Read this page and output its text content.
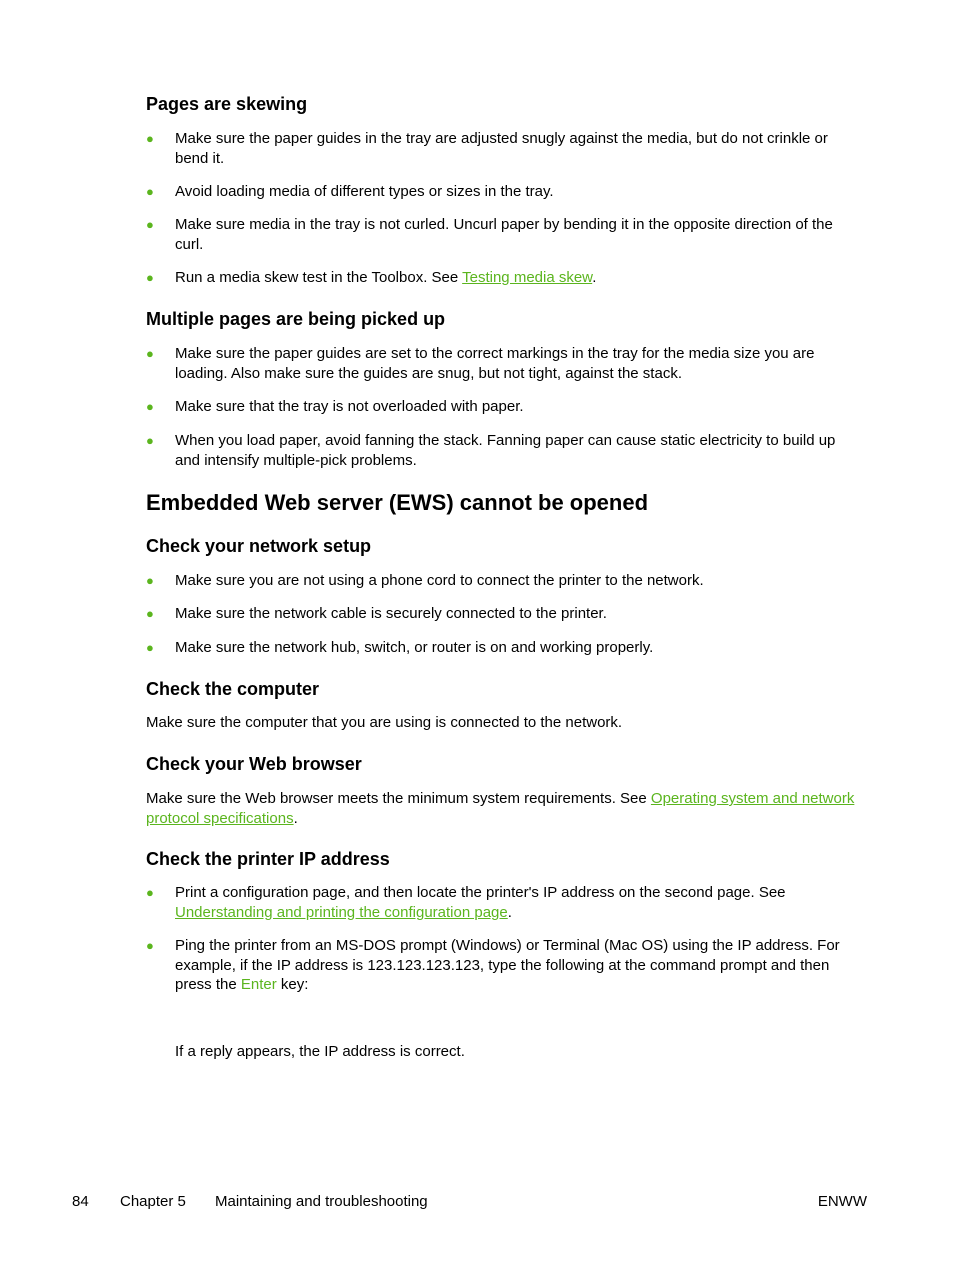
Pages are skewing
●	Make sure the paper guides in the tray are adjusted snugly against the media, but do not crinkle or bend it.
●	Avoid loading media of different types or sizes in the tray.
●	Make sure media in the tray is not curled. Uncurl paper by bending it in the opposite direction of the curl.
●	Run a media skew test in the Toolbox. See Testing media skew.
Multiple pages are being picked up
●	Make sure the paper guides are set to the correct markings in the tray for the media size you are loading. Also make sure the guides are snug, but not tight, against the stack.
●	Make sure that the tray is not overloaded with paper.
●	When you load paper, avoid fanning the stack. Fanning paper can cause static electricity to build up and intensify multiple-pick problems.
Embedded Web server (EWS) cannot be opened
Check your network setup
●	Make sure you are not using a phone cord to connect the printer to the network.
●	Make sure the network cable is securely connected to the printer.
●	Make sure the network hub, switch, or router is on and working properly.
Check the computer
Make sure the computer that you are using is connected to the network.
Check your Web browser
Make sure the Web browser meets the minimum system requirements. See Operating system and network protocol specifications.
Check the printer IP address
●	Print a configuration page, and then locate the printer's IP address on the second page. See Understanding and printing the configuration page.
●	Ping the printer from an MS-DOS prompt (Windows) or Terminal (Mac OS) using the IP address. For example, if the IP address is 123.123.123.123, type the following at the command prompt and then press the Enter key:
If a reply appears, the IP address is correct.
84 Chapter 5 Maintaining and troubleshooting	ENWW
